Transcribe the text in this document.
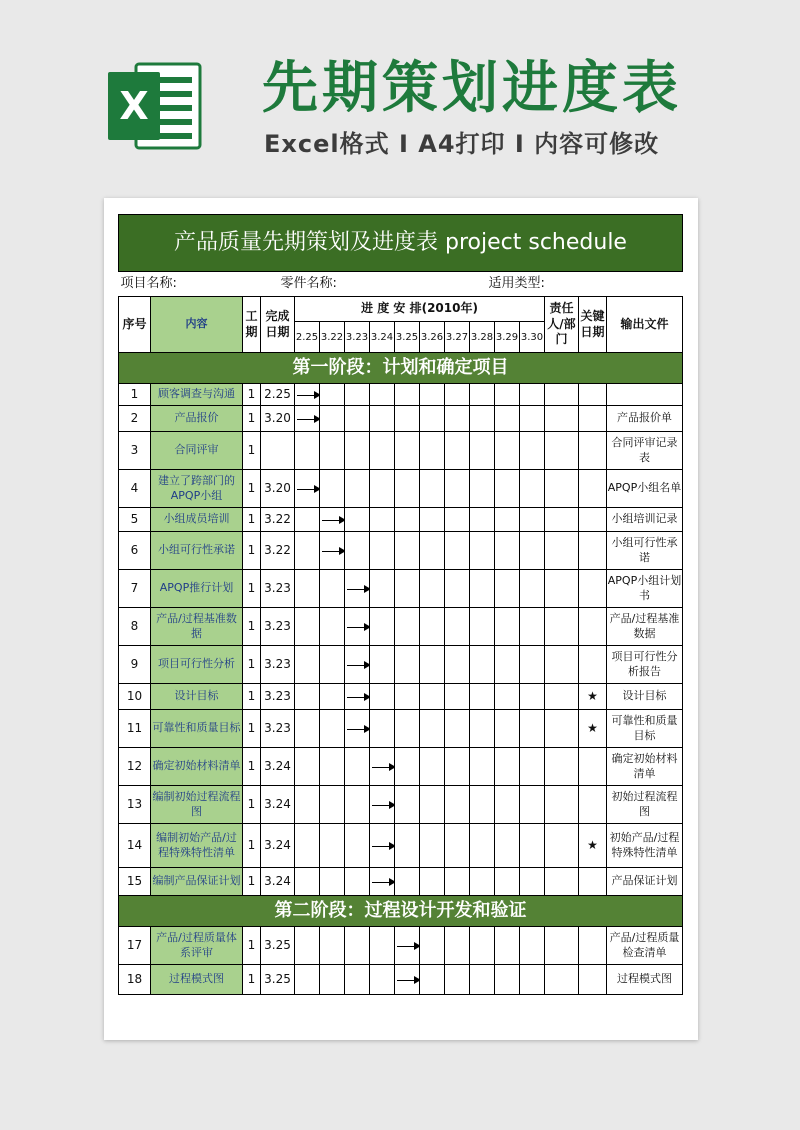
X 先期策划进度表
Excel格式 I A4打印 I 内容可修改
产品质量先期策划及进度表 project schedule																

项目名称: 零件名称: 适用类型:																

序号	内容	工期	完成日期	进 度 安 排(2010年)										责任人/部门	关键日期	输出文件
				2.25	3.22	3.23	3.24	3.25	3.26	3.27	3.28	3.29	3.30			
第一阶段：计划和确定项目																
1	顾客调查与沟通	1	2.25	

2	产品报价	1	3.20													产品报价单
3	合同评审	1														合同评审记录表
4	建立了跨部门的APQP小组	1	3.20													APQP小组名单
5	小组成员培训	1	3.22													小组培训记录
6	小组可行性承诺	1	3.22													小组可行性承诺
7	APQP推行计划	1	3.23													APQP小组计划书
8	产品/过程基准数据	1	3.23													产品/过程基准数据
9	项目可行性分析	1	3.23													项目可行性分析报告
10	设计目标	1	3.23												★	设计目标
11	可靠性和质量目标	1	3.23												★	可靠性和质量目标
12	确定初始材料清单	1	3.24													确定初始材料清单
13	编制初始过程流程图	1	3.24													初始过程流程图
14	编制初始产品/过程特殊特性清单	1	3.24												★	初始产品/过程特殊特性清单
15	编制产品保证计划	1	3.24													产品保证计划
第二阶段：过程设计开发和验证																
17	产品/过程质量体系评审	1	3.25													产品/过程质量检查清单
18	过程模式图	1	3.25													过程模式图
